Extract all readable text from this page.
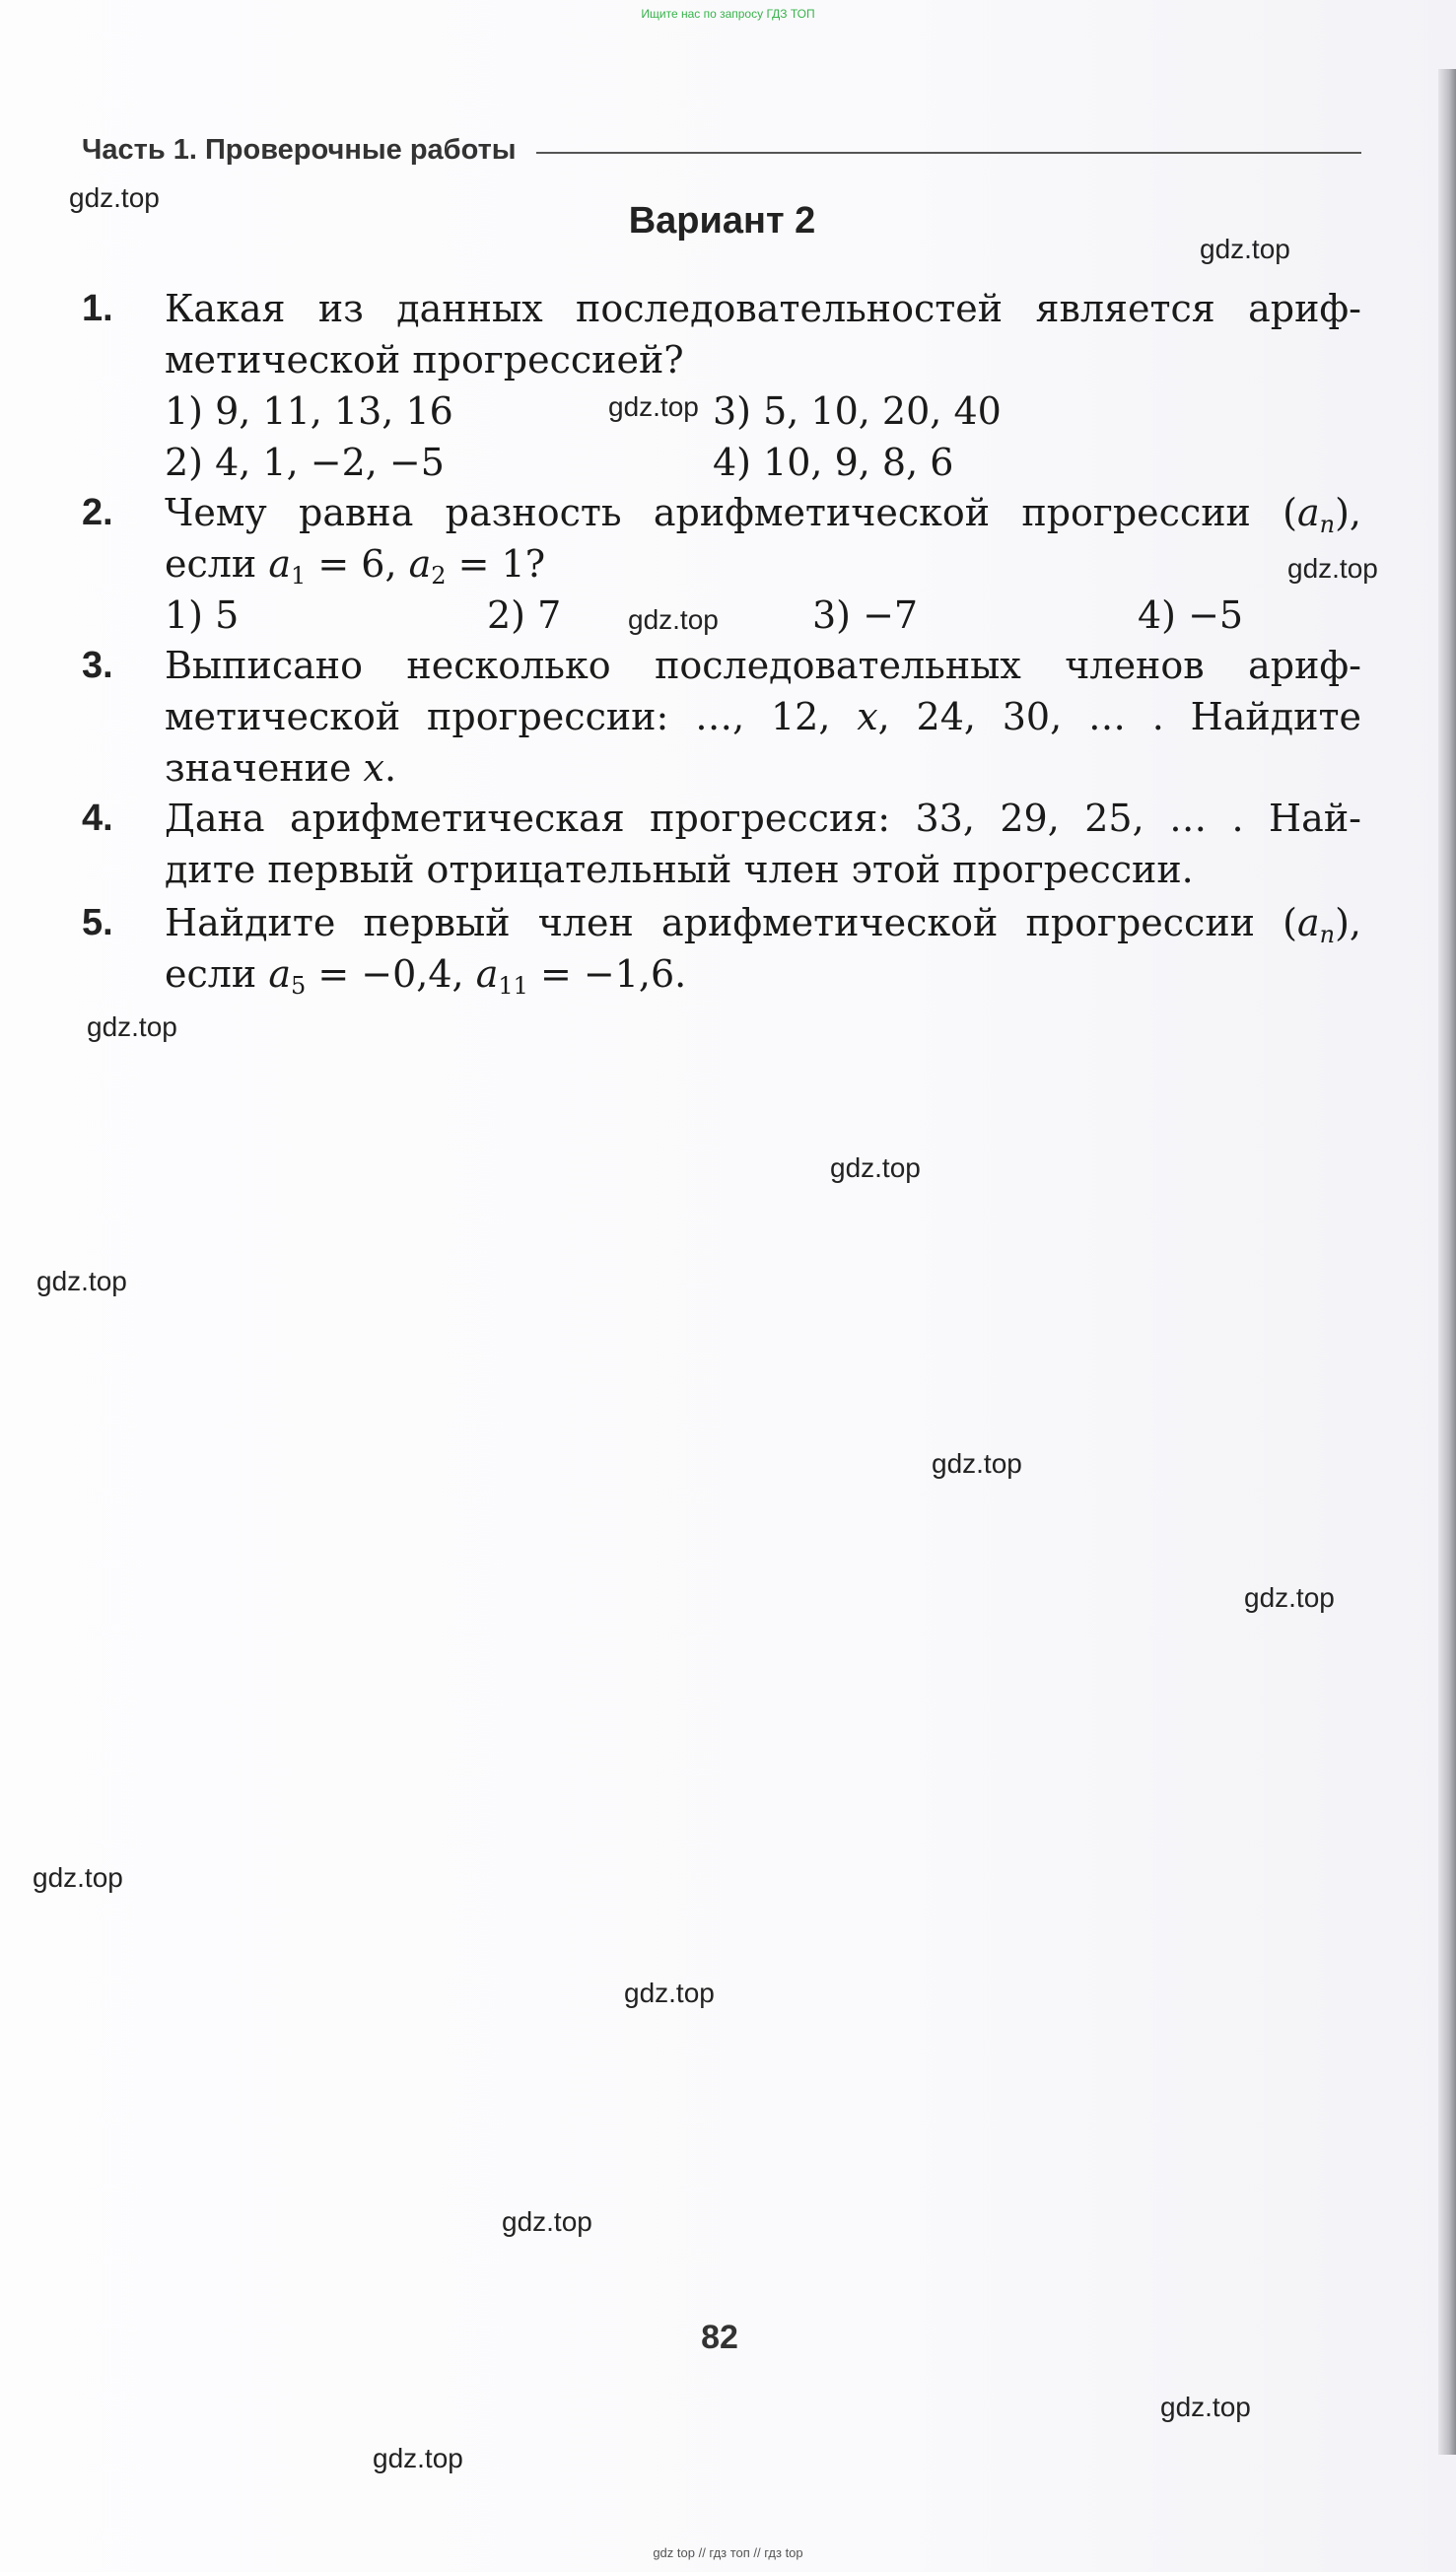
Ищите нас по запросу ГДЗ ТОП
Часть 1. Проверочные работы
Вариант 2
1. Какая из данных последовательностей является ариф-
метической прогрессией?
1) 9, 11, 13, 16	3) 5, 10, 20, 40
2) 4, 1, −2, −5	4) 10, 9, 8, 6
2. Чему равна разность арифметической прогрессии $(a_n)$,
если $a_1 = 6$, $a_2 = 1$?
1) 5	2) 7	3) −7	4) −5
3. Выписано несколько последовательных членов ариф-
метической прогрессии: …, 12, x, 24, 30, … . Найдите
значение x.
4. Дана арифметическая прогрессия: 33, 29, 25, … . Най-
дите первый отрицательный член этой прогрессии.
5. Найдите первый член арифметической прогрессии $(a_n)$,
если $a_5 = -0,4$, $a_{11} = -1,6$.
82
gdz.top
gdz.top
gdz.top
gdz.top
gdz.top
gdz.top
gdz.top
gdz.top
gdz.top
gdz.top
gdz.top
gdz.top
gdz.top
gdz.top
gdz.top
gdz top // гдз топ // гдз top
